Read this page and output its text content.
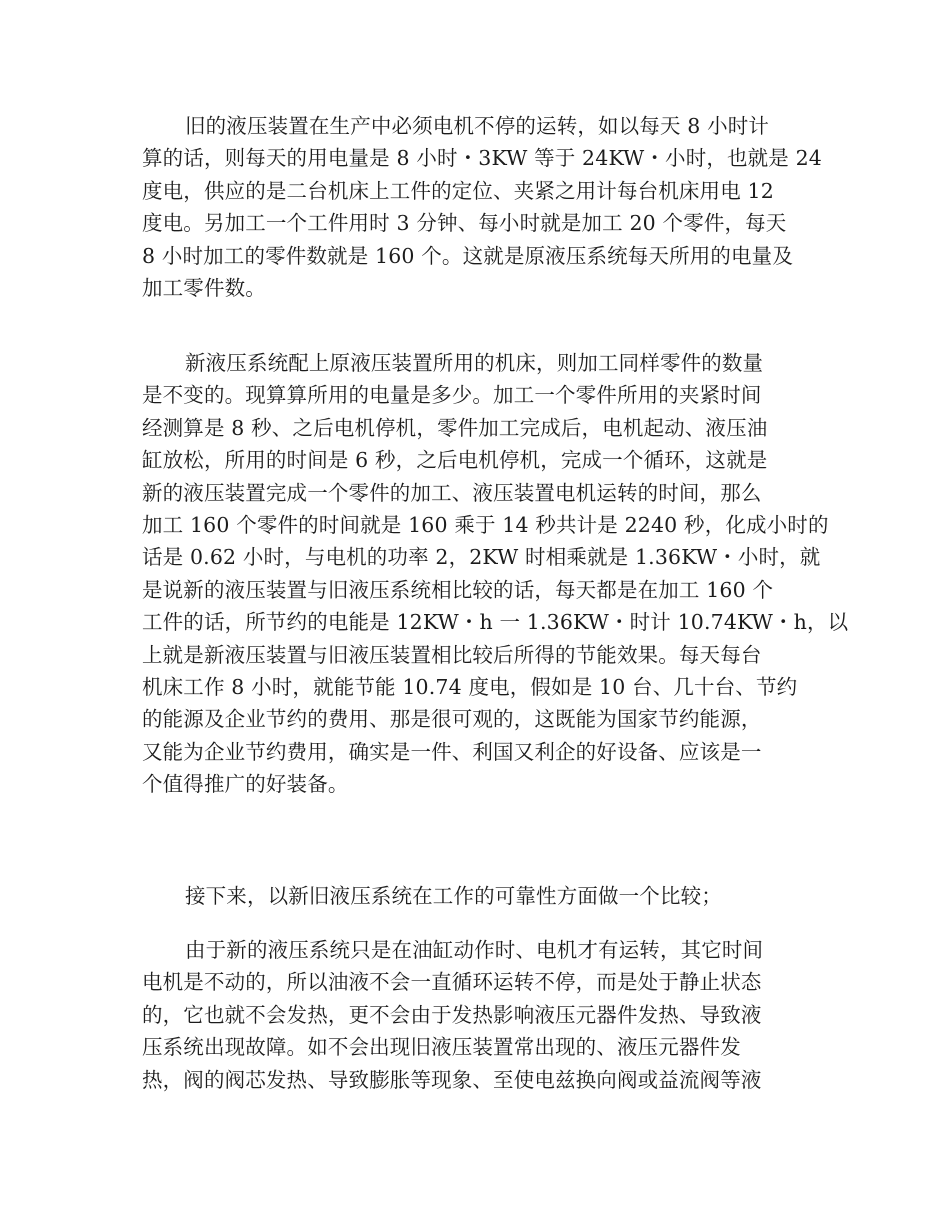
旧的液压装置在生产中必须电机不停的运转，如以每天 8 小时计
算的话，则每天的用电量是 8 小时・3KW 等于 24KW・小时，也就是 24
度电，供应的是二台机床上工件的定位、夹紧之用计每台机床用电 12
度电。另加工一个工件用时 3 分钟、每小时就是加工 20 个零件，每天
8 小时加工的零件数就是 160 个。这就是原液压系统每天所用的电量及
加工零件数。
新液压系统配上原液压装置所用的机床，则加工同样零件的数量
是不变的。现算算所用的电量是多少。加工一个零件所用的夹紧时间
经测算是 8 秒、之后电机停机，零件加工完成后，电机起动、液压油
缸放松，所用的时间是 6 秒，之后电机停机，完成一个循环，这就是
新的液压装置完成一个零件的加工、液压装置电机运转的时间，那么
加工 160 个零件的时间就是 160 乘于 14 秒共计是 2240 秒，化成小时的
话是 0.62 小时，与电机的功率 2，2KW 时相乘就是 1.36KW・小时，就
是说新的液压装置与旧液压系统相比较的话，每天都是在加工 160 个
工件的话，所节约的电能是 12KW・h 一 1.36KW・时计 10.74KW・h，以
上就是新液压装置与旧液压装置相比较后所得的节能效果。每天每台
机床工作 8 小时，就能节能 10.74 度电，假如是 10 台、几十台、节约
的能源及企业节约的费用、那是很可观的，这既能为国家节约能源，
又能为企业节约费用，确实是一件、利国又利企的好设备、应该是一
个值得推广的好装备。
接下来，以新旧液压系统在工作的可靠性方面做一个比较；
由于新的液压系统只是在油缸动作时、电机才有运转，其它时间
电机是不动的，所以油液不会一直循环运转不停，而是处于静止状态
的，它也就不会发热，更不会由于发热影响液压元器件发热、导致液
压系统出现故障。如不会出现旧液压装置常出现的、液压元器件发
热，阀的阀芯发热、导致膨胀等现象、至使电兹换向阀或益流阀等液
